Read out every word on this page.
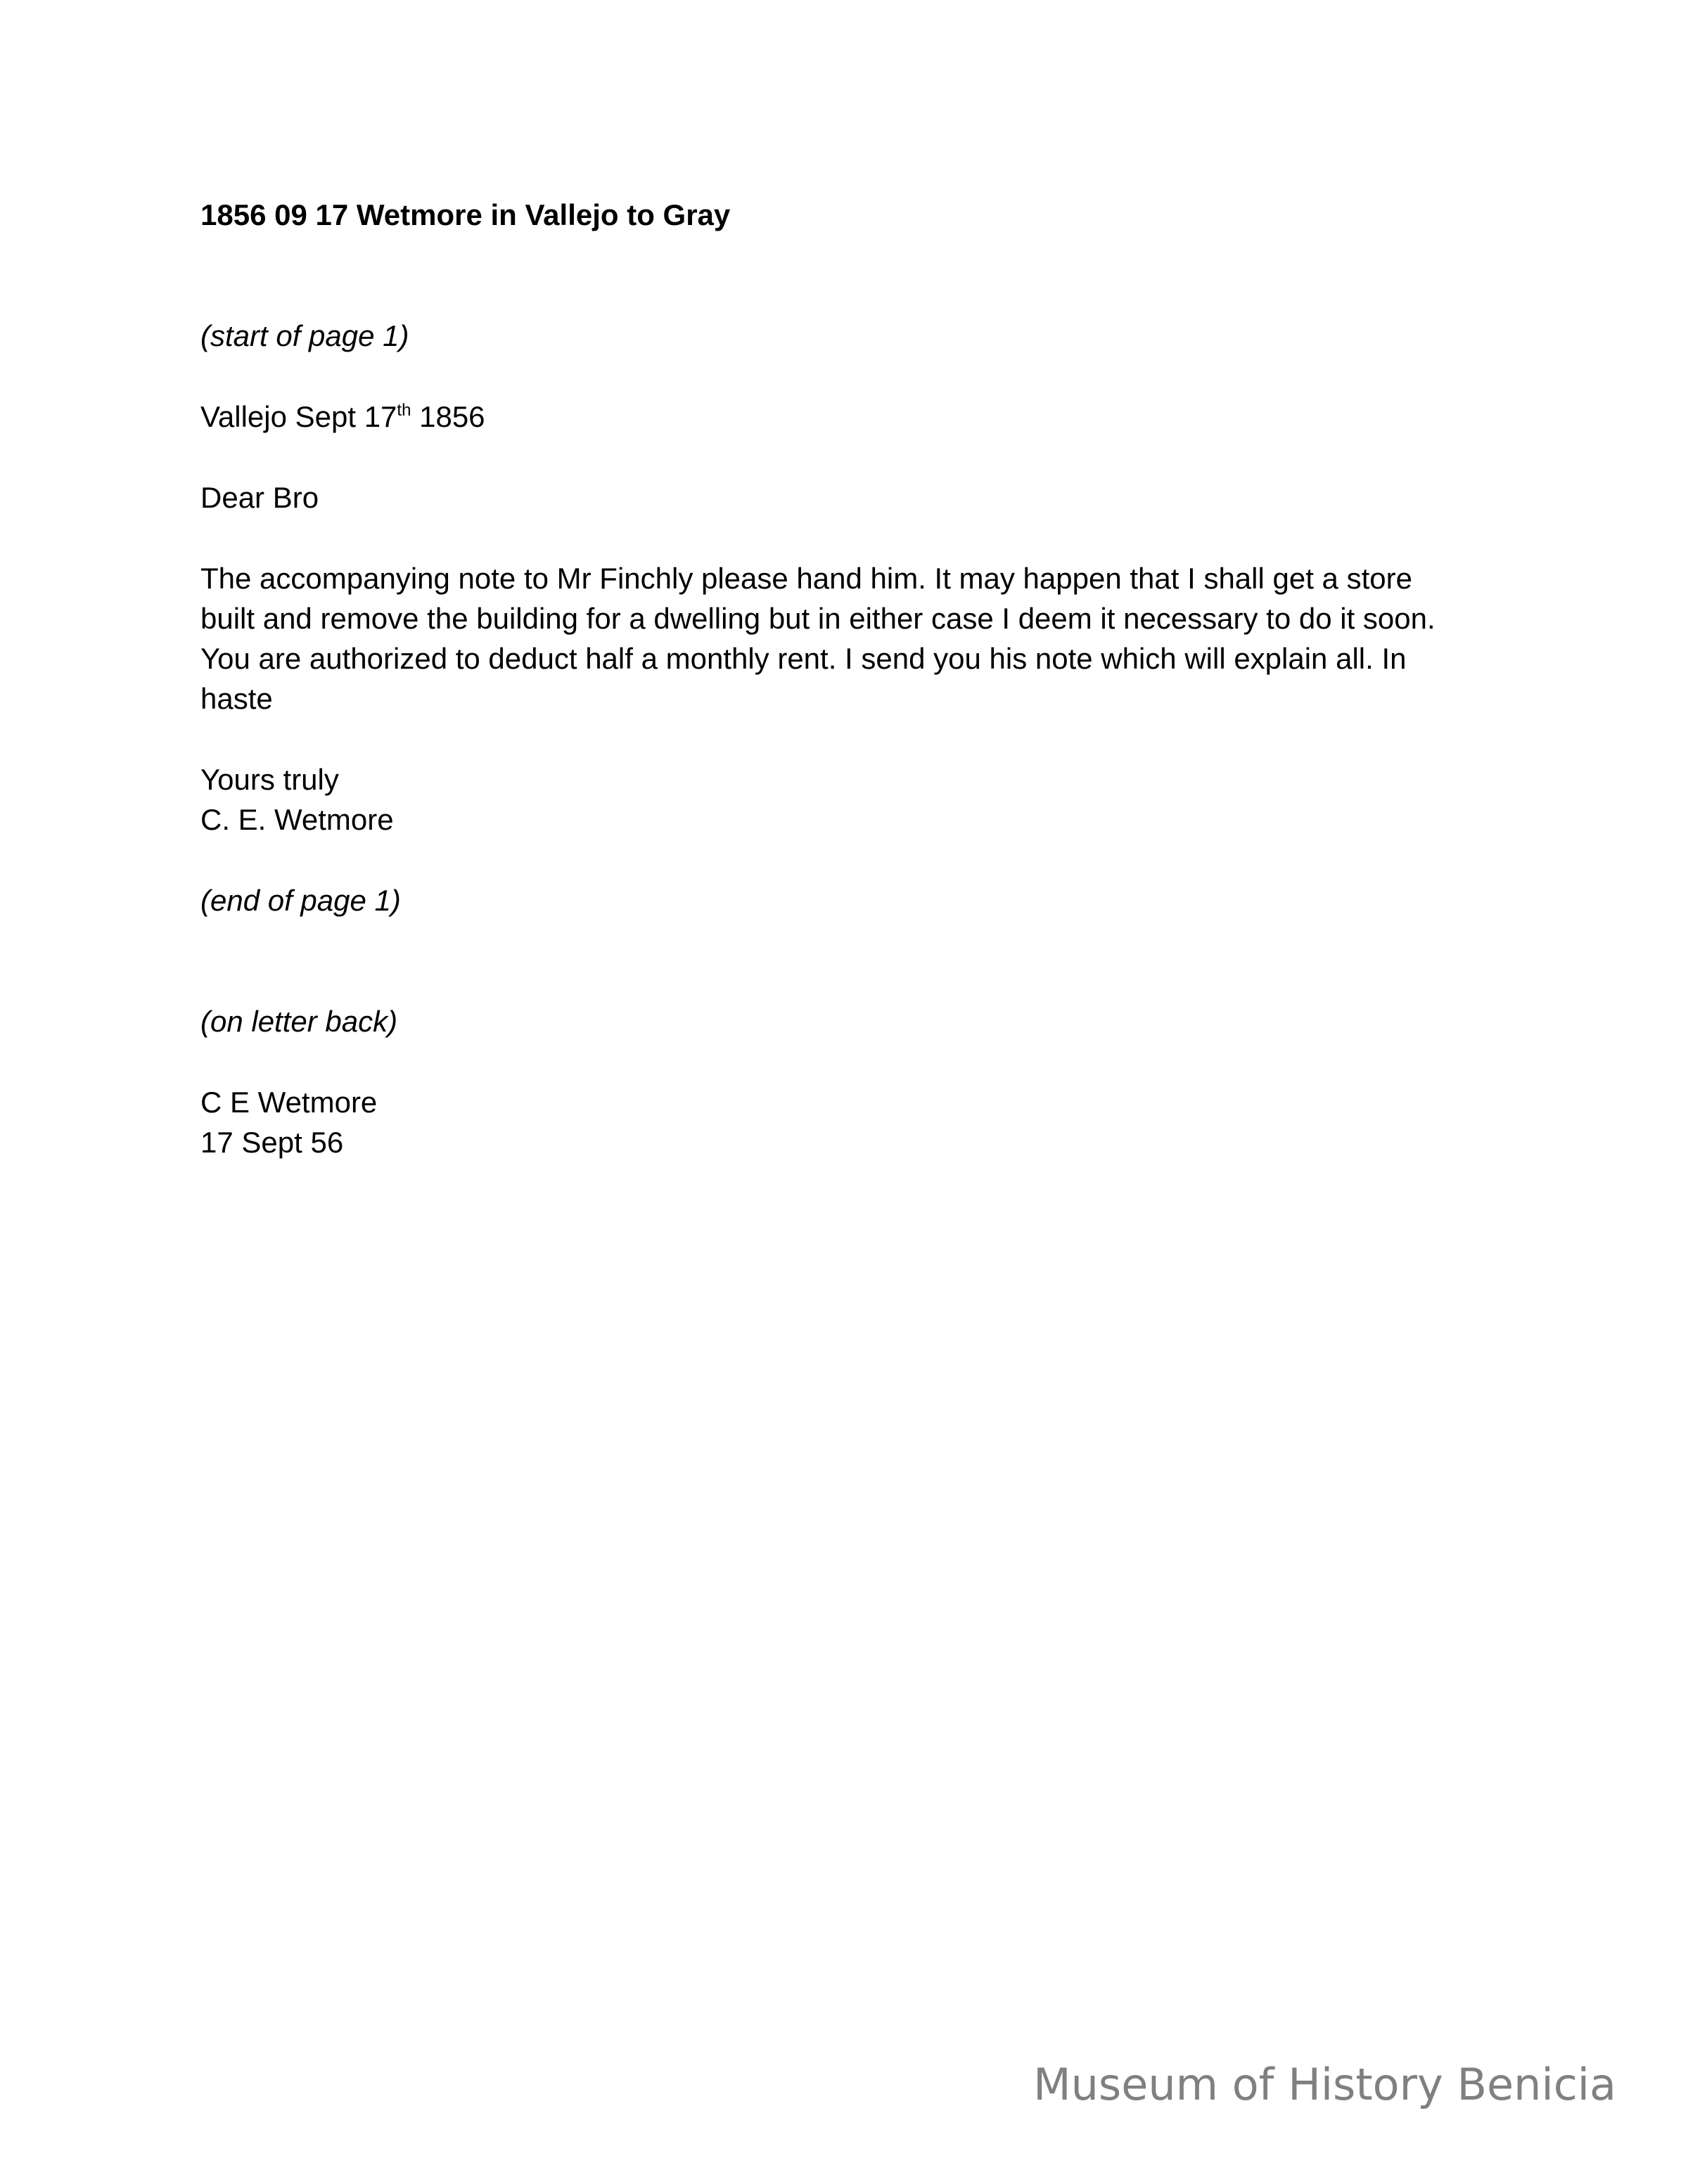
1856 09 17 Wetmore in Vallejo to Gray

(start of page 1)

Vallejo Sept 17th 1856

Dear Bro

The accompanying note to Mr Finchly please hand him. It may happen that I shall get a store
built and remove the building for a dwelling but in either case I deem it necessary to do it soon.
You are authorized to deduct half a monthly rent. I send you his note which will explain all. In
haste
Yours truly
C. E. Wetmore

(end of page 1)

(on letter back)

C E Wetmore
17 Sept 56
Museum of History Benicia
